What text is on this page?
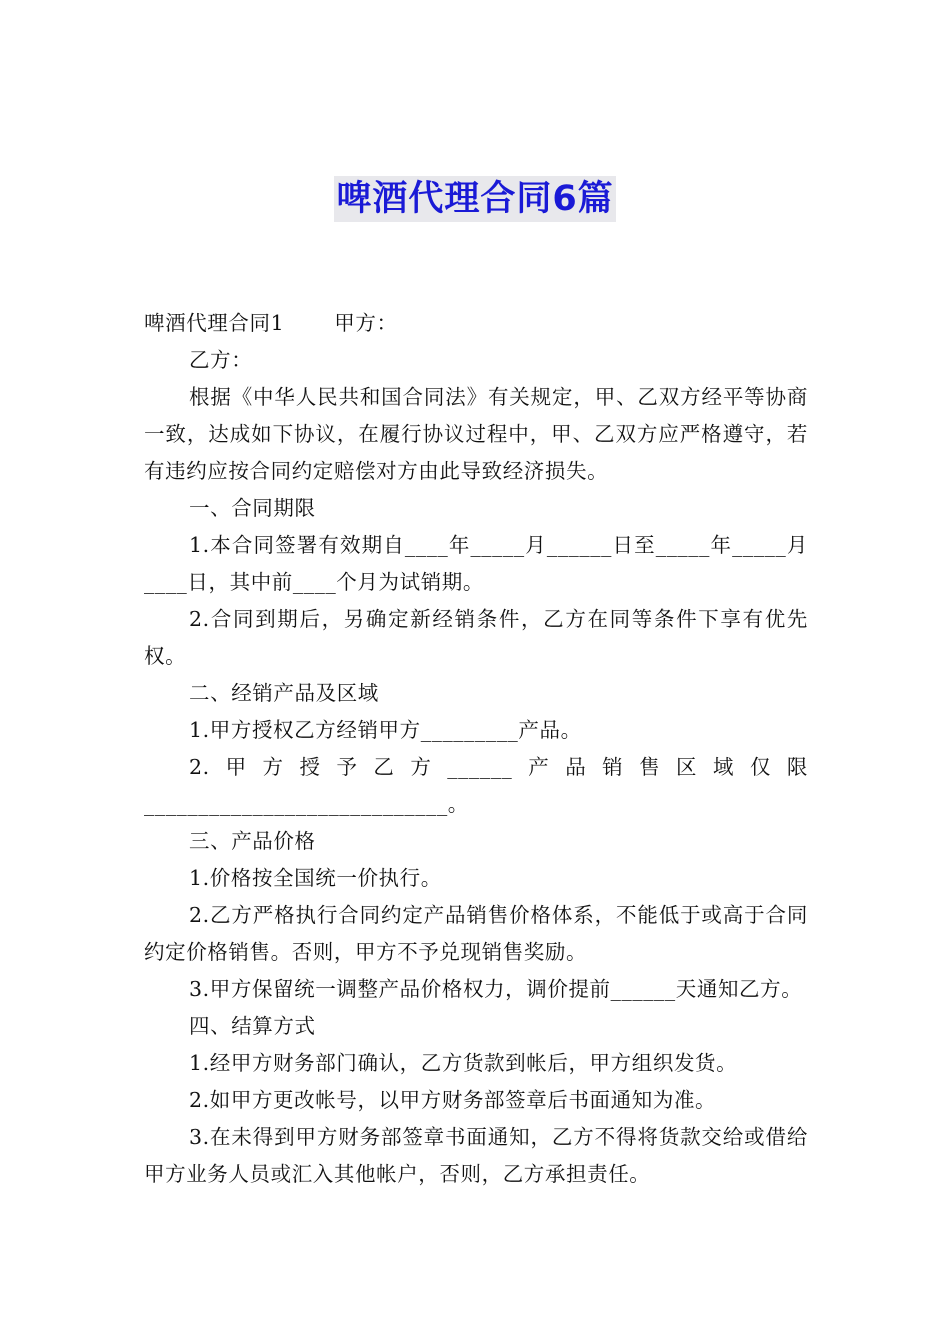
啤酒代理合同6篇

啤酒代理合同1 甲方：

乙方：

根据《中华人民共和国合同法》有关规定，甲、乙双方经平等协商一致，达成如下协议，在履行协议过程中，甲、乙双方应严格遵守，若有违约应按合同约定赔偿对方由此导致经济损失。

一、合同期限

1.本合同签署有效期自____年_____月______日至_____年_____月____日，其中前____个月为试销期。

2.合同到期后，另确定新经销条件，乙方在同等条件下享有优先权。

二、经销产品及区域

1.甲方授权乙方经销甲方_________产品。

2.甲方授予乙方______产品销售区域仅限____________________________。

三、产品价格

1.价格按全国统一价执行。

2.乙方严格执行合同约定产品销售价格体系，不能低于或高于合同约定价格销售。否则，甲方不予兑现销售奖励。

3.甲方保留统一调整产品价格权力，调价提前______天通知乙方。

四、结算方式

1.经甲方财务部门确认，乙方货款到帐后，甲方组织发货。

2.如甲方更改帐号，以甲方财务部签章后书面通知为准。

3.在未得到甲方财务部签章书面通知，乙方不得将货款交给或借给甲方业务人员或汇入其他帐户，否则，乙方承担责任。
